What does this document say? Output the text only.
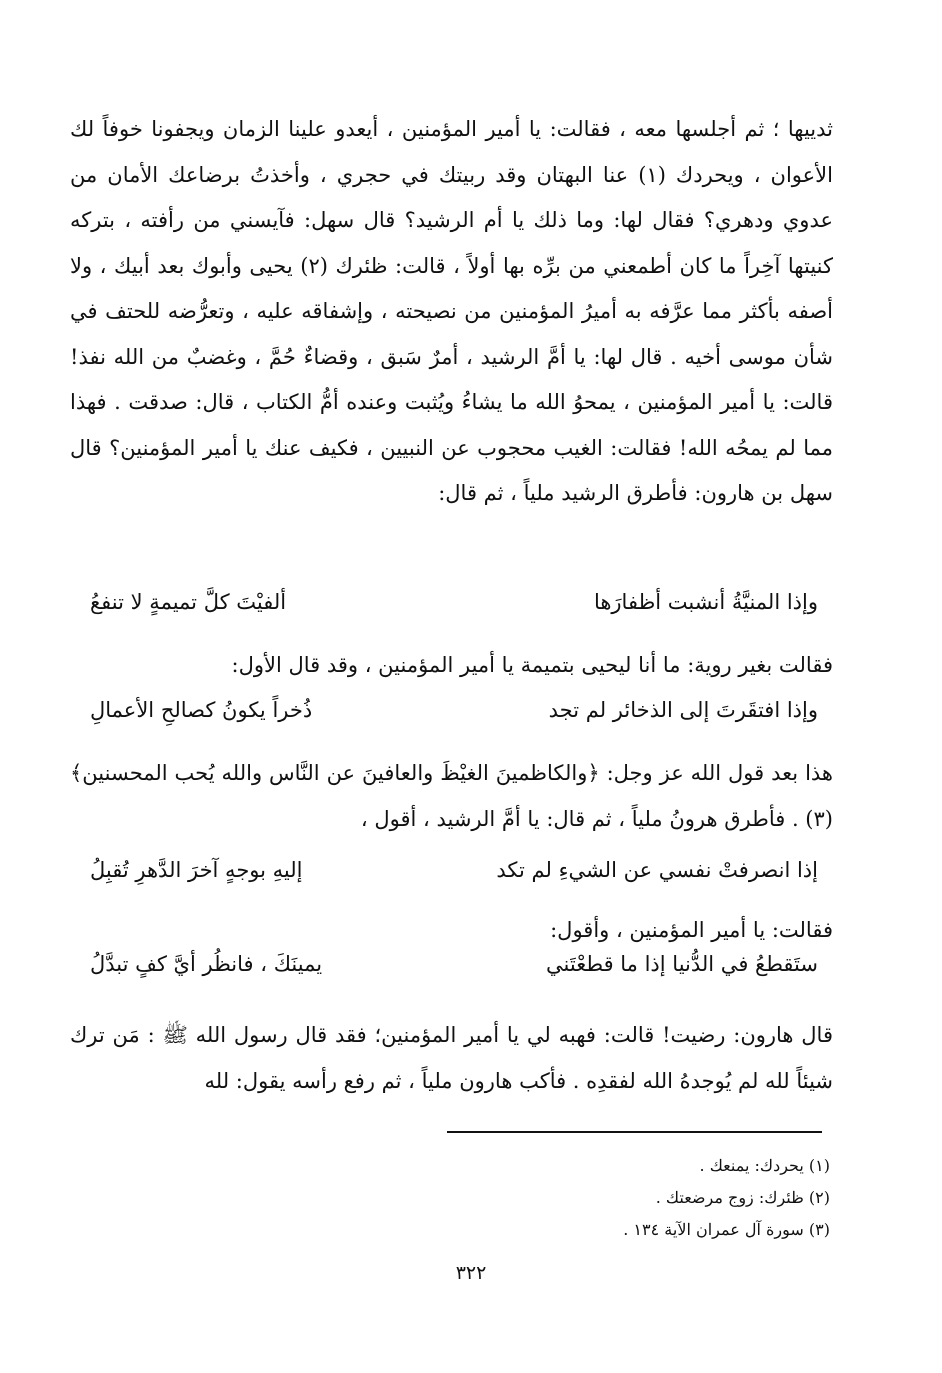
ثدييها ؛ ثم أجلسها معه ، فقالت: يا أمير المؤمنين ، أيعدو علينا الزمان ويجفونا خوفاً لك الأعوان ، ويحردك (١) عنا البهتان وقد ربيتك في حجري ، وأخذتُ برضاعك الأمان من عدوي ودهري؟ فقال لها: وما ذلك يا أم الرشيد؟ قال سهل: فآيسني من رأفته ، بتركه كنيتها آخِراً ما كان أطمعني من برِّه بها أولاً ، قالت: ظئرك (٢) يحيى وأبوك بعد أبيك ، ولا أصفه بأكثر مما عرَّفه به أميرُ المؤمنين من نصيحته ، وإشفاقه عليه ، وتعرُّضه للحتف في شأن موسى أخيه . قال لها: يا أمَّ الرشيد ، أمرٌ سَبق ، وقضاءٌ حُمَّ ، وغضبٌ من الله نفذ! قالت: يا أمير المؤمنين ، يمحوُ الله ما يشاءُ ويُثبت وعنده أمُّ الكتاب ، قال: صدقت . فهذا مما لم يمحُه الله! فقالت: الغيب محجوب عن النبيين ، فكيف عنك يا أمير المؤمنين؟ قال سهل بن هارون: فأطرق الرشيد ملياً ، ثم قال:

وإذا المنيَّةُ أنشبت أظفارَها
ألفيْتَ كلَّ تميمةٍ لا تنفعُ

فقالت بغير روية: ما أنا ليحيى بتميمة يا أمير المؤمنين ، وقد قال الأول:

وإذا افتقَرتَ إلى الذخائر لم تجد
ذُخراً يكونُ كصالحِ الأعمالِ

هذا بعد قول الله عز وجل: ﴿والكاظمينَ الغيْظَ والعافينَ عن النَّاس والله يُحب المحسنين﴾ (٣) . فأطرق هرونُ ملياً ، ثم قال: يا أمَّ الرشيد ، أقول ،

إذا انصرفتْ نفسي عن الشيءِ لم تكد
إليهِ بوجهٍ آخرَ الدَّهرِ تُقبِلُ

فقالت: يا أمير المؤمنين ، وأقول:

ستَقطعُ في الدُّنيا إذا ما قطعْتَني
يمينَكَ ، فانظُر أيَّ كفٍ تبدَّلُ

قال هارون: رضيت! قالت: فهبه لي يا أمير المؤمنين؛ فقد قال رسول الله ﷺ : مَن ترك شيئاً لله لم يُوجدهُ الله لفقدِه . فأكب هارون ملياً ، ثم رفع رأسه يقول: لله

(١) يحردك: يمنعك .
(٢) ظئرك: زوج مرضعتك .
(٣) سورة آل عمران الآية ١٣٤ .
٣٢٢
